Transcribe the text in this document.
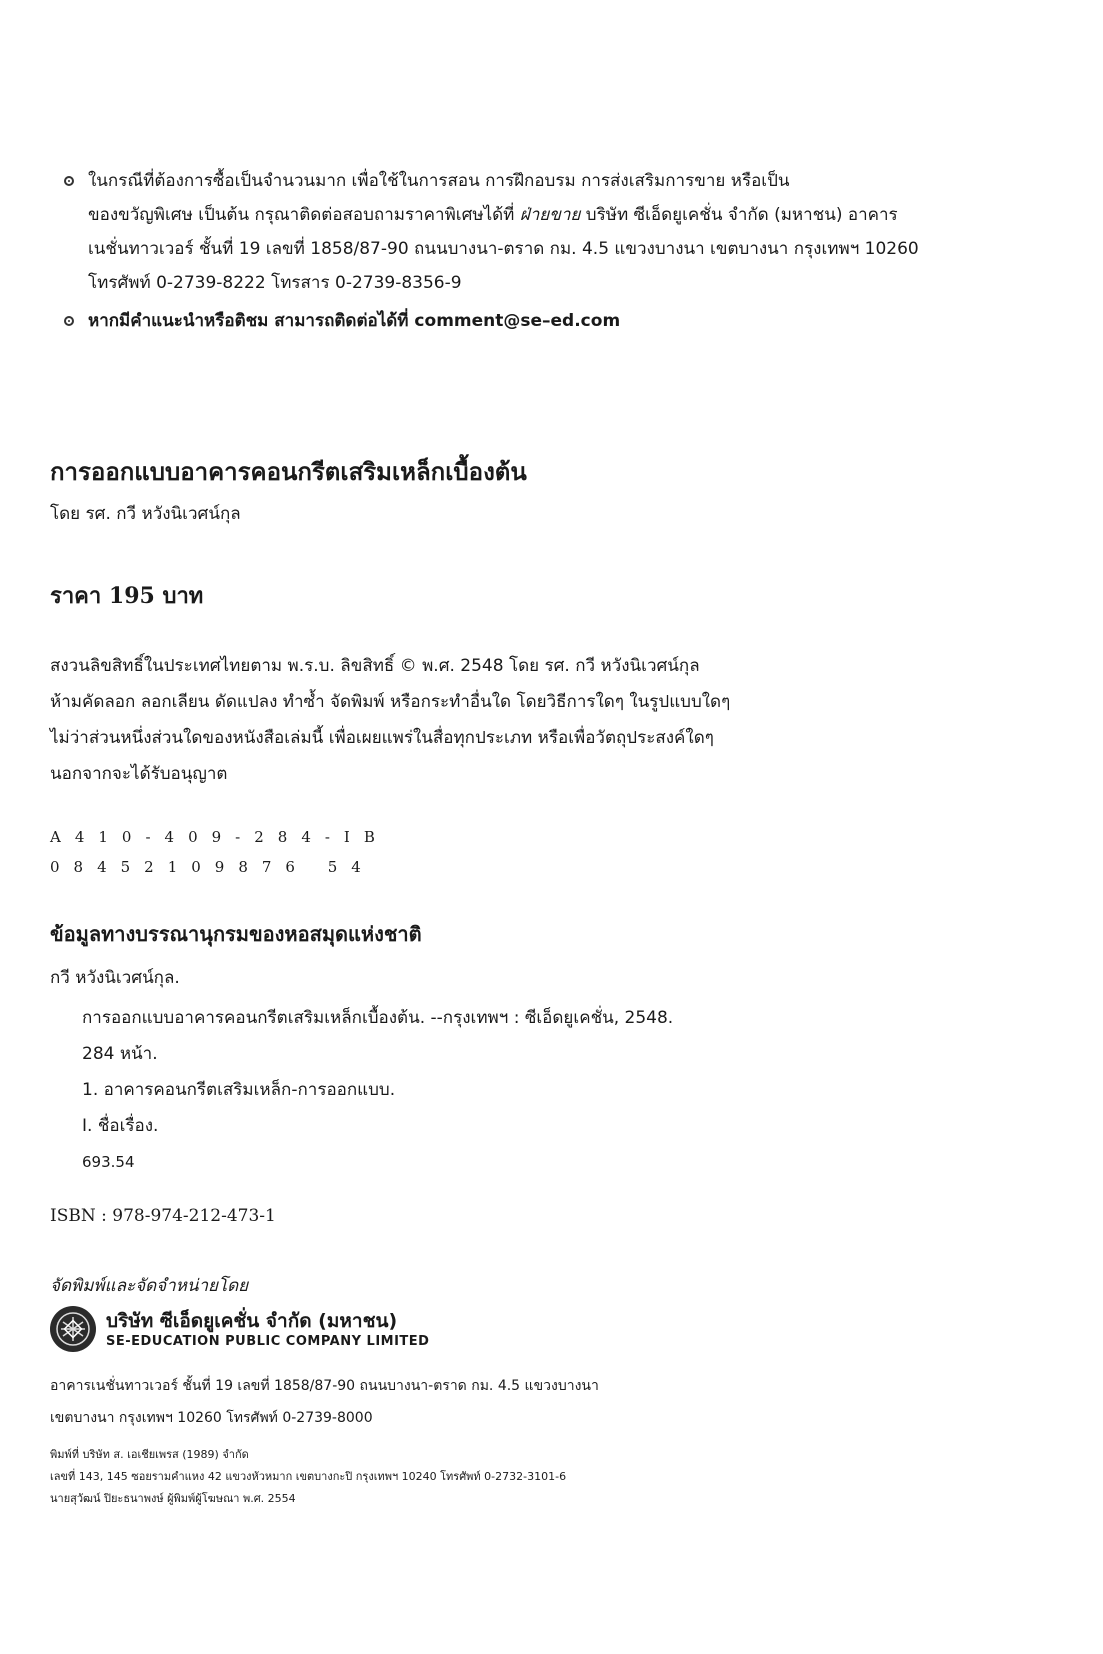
ในกรณีที่ต้องการซื้อเป็นจำนวนมาก เพื่อใช้ในการสอน การฝึกอบรม การส่งเสริมการขาย หรือเป็น
ของขวัญพิเศษ เป็นต้น กรุณาติดต่อสอบถามราคาพิเศษได้ที่ ฝ่ายขาย บริษัท ซีเอ็ดยูเคชั่น จำกัด (มหาชน) อาคาร
เนชั่นทาวเวอร์ ชั้นที่ 19 เลขที่ 1858/87-90 ถนนบางนา-ตราด กม. 4.5 แขวงบางนา เขตบางนา กรุงเทพฯ 10260
โทรศัพท์ 0-2739-8222 โทรสาร 0-2739-8356-9
หากมีคำแนะนำหรือติชม สามารถติดต่อได้ที่ comment@se–ed.com
การออกแบบอาคารคอนกรีตเสริมเหล็กเบื้องต้น
โดย รศ. กวี หวังนิเวศน์กุล
ราคา 195 บาท
สงวนลิขสิทธิ์ในประเทศไทยตาม พ.ร.บ. ลิขสิทธิ์ © พ.ศ. 2548 โดย รศ. กวี หวังนิเวศน์กุล
ห้ามคัดลอก ลอกเลียน ดัดแปลง ทำซ้ำ จัดพิมพ์ หรือกระทำอื่นใด โดยวิธีการใดๆ ในรูปแบบใดๆ
ไม่ว่าส่วนหนึ่งส่วนใดของหนังสือเล่มนี้ เพื่อเผยแพร่ในสื่อทุกประเภท หรือเพื่อวัตถุประสงค์ใดๆ
นอกจากจะได้รับอนุญาต
A410-409-284-IB
08452109876 54
ข้อมูลทางบรรณานุกรมของหอสมุดแห่งชาติ
กวี หวังนิเวศน์กุล.
การออกแบบอาคารคอนกรีตเสริมเหล็กเบื้องต้น. --กรุงเทพฯ : ซีเอ็ดยูเคชั่น, 2548.
284 หน้า.
1. อาคารคอนกรีตเสริมเหล็ก-การออกแบบ.
I. ชื่อเรื่อง.
693.54
ISBN : 978-974-212-473-1
จัดพิมพ์และจัดจำหน่ายโดย
บริษัท ซีเอ็ดยูเคชั่น จำกัด (มหาชน)
SE-EDUCATION PUBLIC COMPANY LIMITED
อาคารเนชั่นทาวเวอร์ ชั้นที่ 19 เลขที่ 1858/87-90 ถนนบางนา-ตราด กม. 4.5 แขวงบางนา
เขตบางนา กรุงเทพฯ 10260 โทรศัพท์ 0-2739-8000
พิมพ์ที่ บริษัท ส. เอเชียเพรส (1989) จำกัด
เลขที่ 143, 145 ซอยรามคำแหง 42 แขวงหัวหมาก เขตบางกะปิ กรุงเทพฯ 10240 โทรศัพท์ 0-2732-3101-6
นายสุวัฒน์ ปิยะธนาพงษ์ ผู้พิมพ์ผู้โฆษณา พ.ศ. 2554
